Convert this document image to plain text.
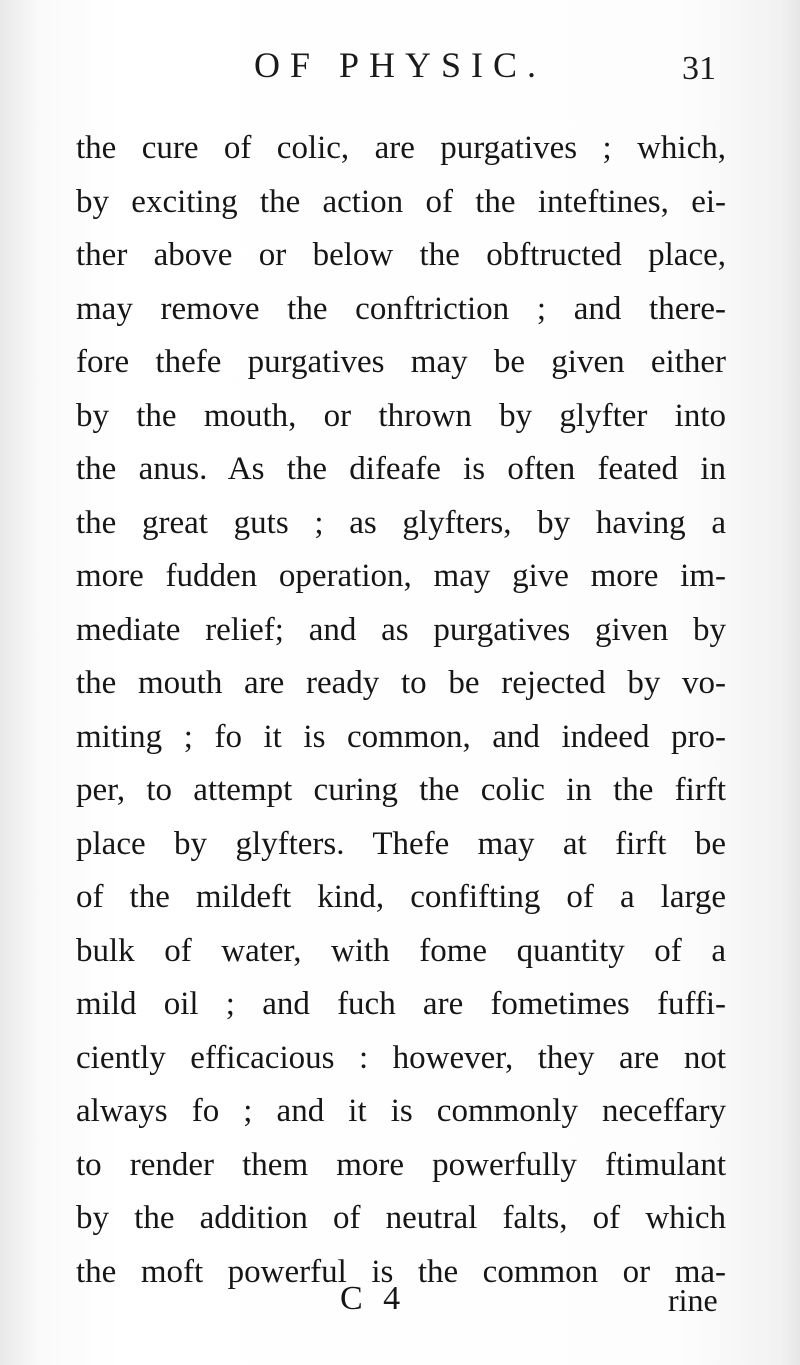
OF PHYSIC.	31
the cure of colic, are purgatives ; which,
by exciting the action of the inteftines, ei-
ther above or below the obftructed place,
may remove the conftriction ; and there-
fore thefe purgatives may be given either
by the mouth, or thrown by glyfter into
the anus. As the difeafe is often feated in
the great guts ; as glyfters, by having a
more fudden operation, may give more im-
mediate relief; and as purgatives given by
the mouth are ready to be rejected by vo-
miting ; fo it is common, and indeed pro-
per, to attempt curing the colic in the firft
place by glyfters. Thefe may at firft be
of the mildeft kind, confifting of a large
bulk of water, with fome quantity of a
mild oil ; and fuch are fometimes fuffi-
ciently efficacious : however, they are not
always fo ; and it is commonly neceffary
to render them more powerfully ftimulant
by the addition of neutral falts, of which
the moft powerful is the common or ma-
C 4	rine
